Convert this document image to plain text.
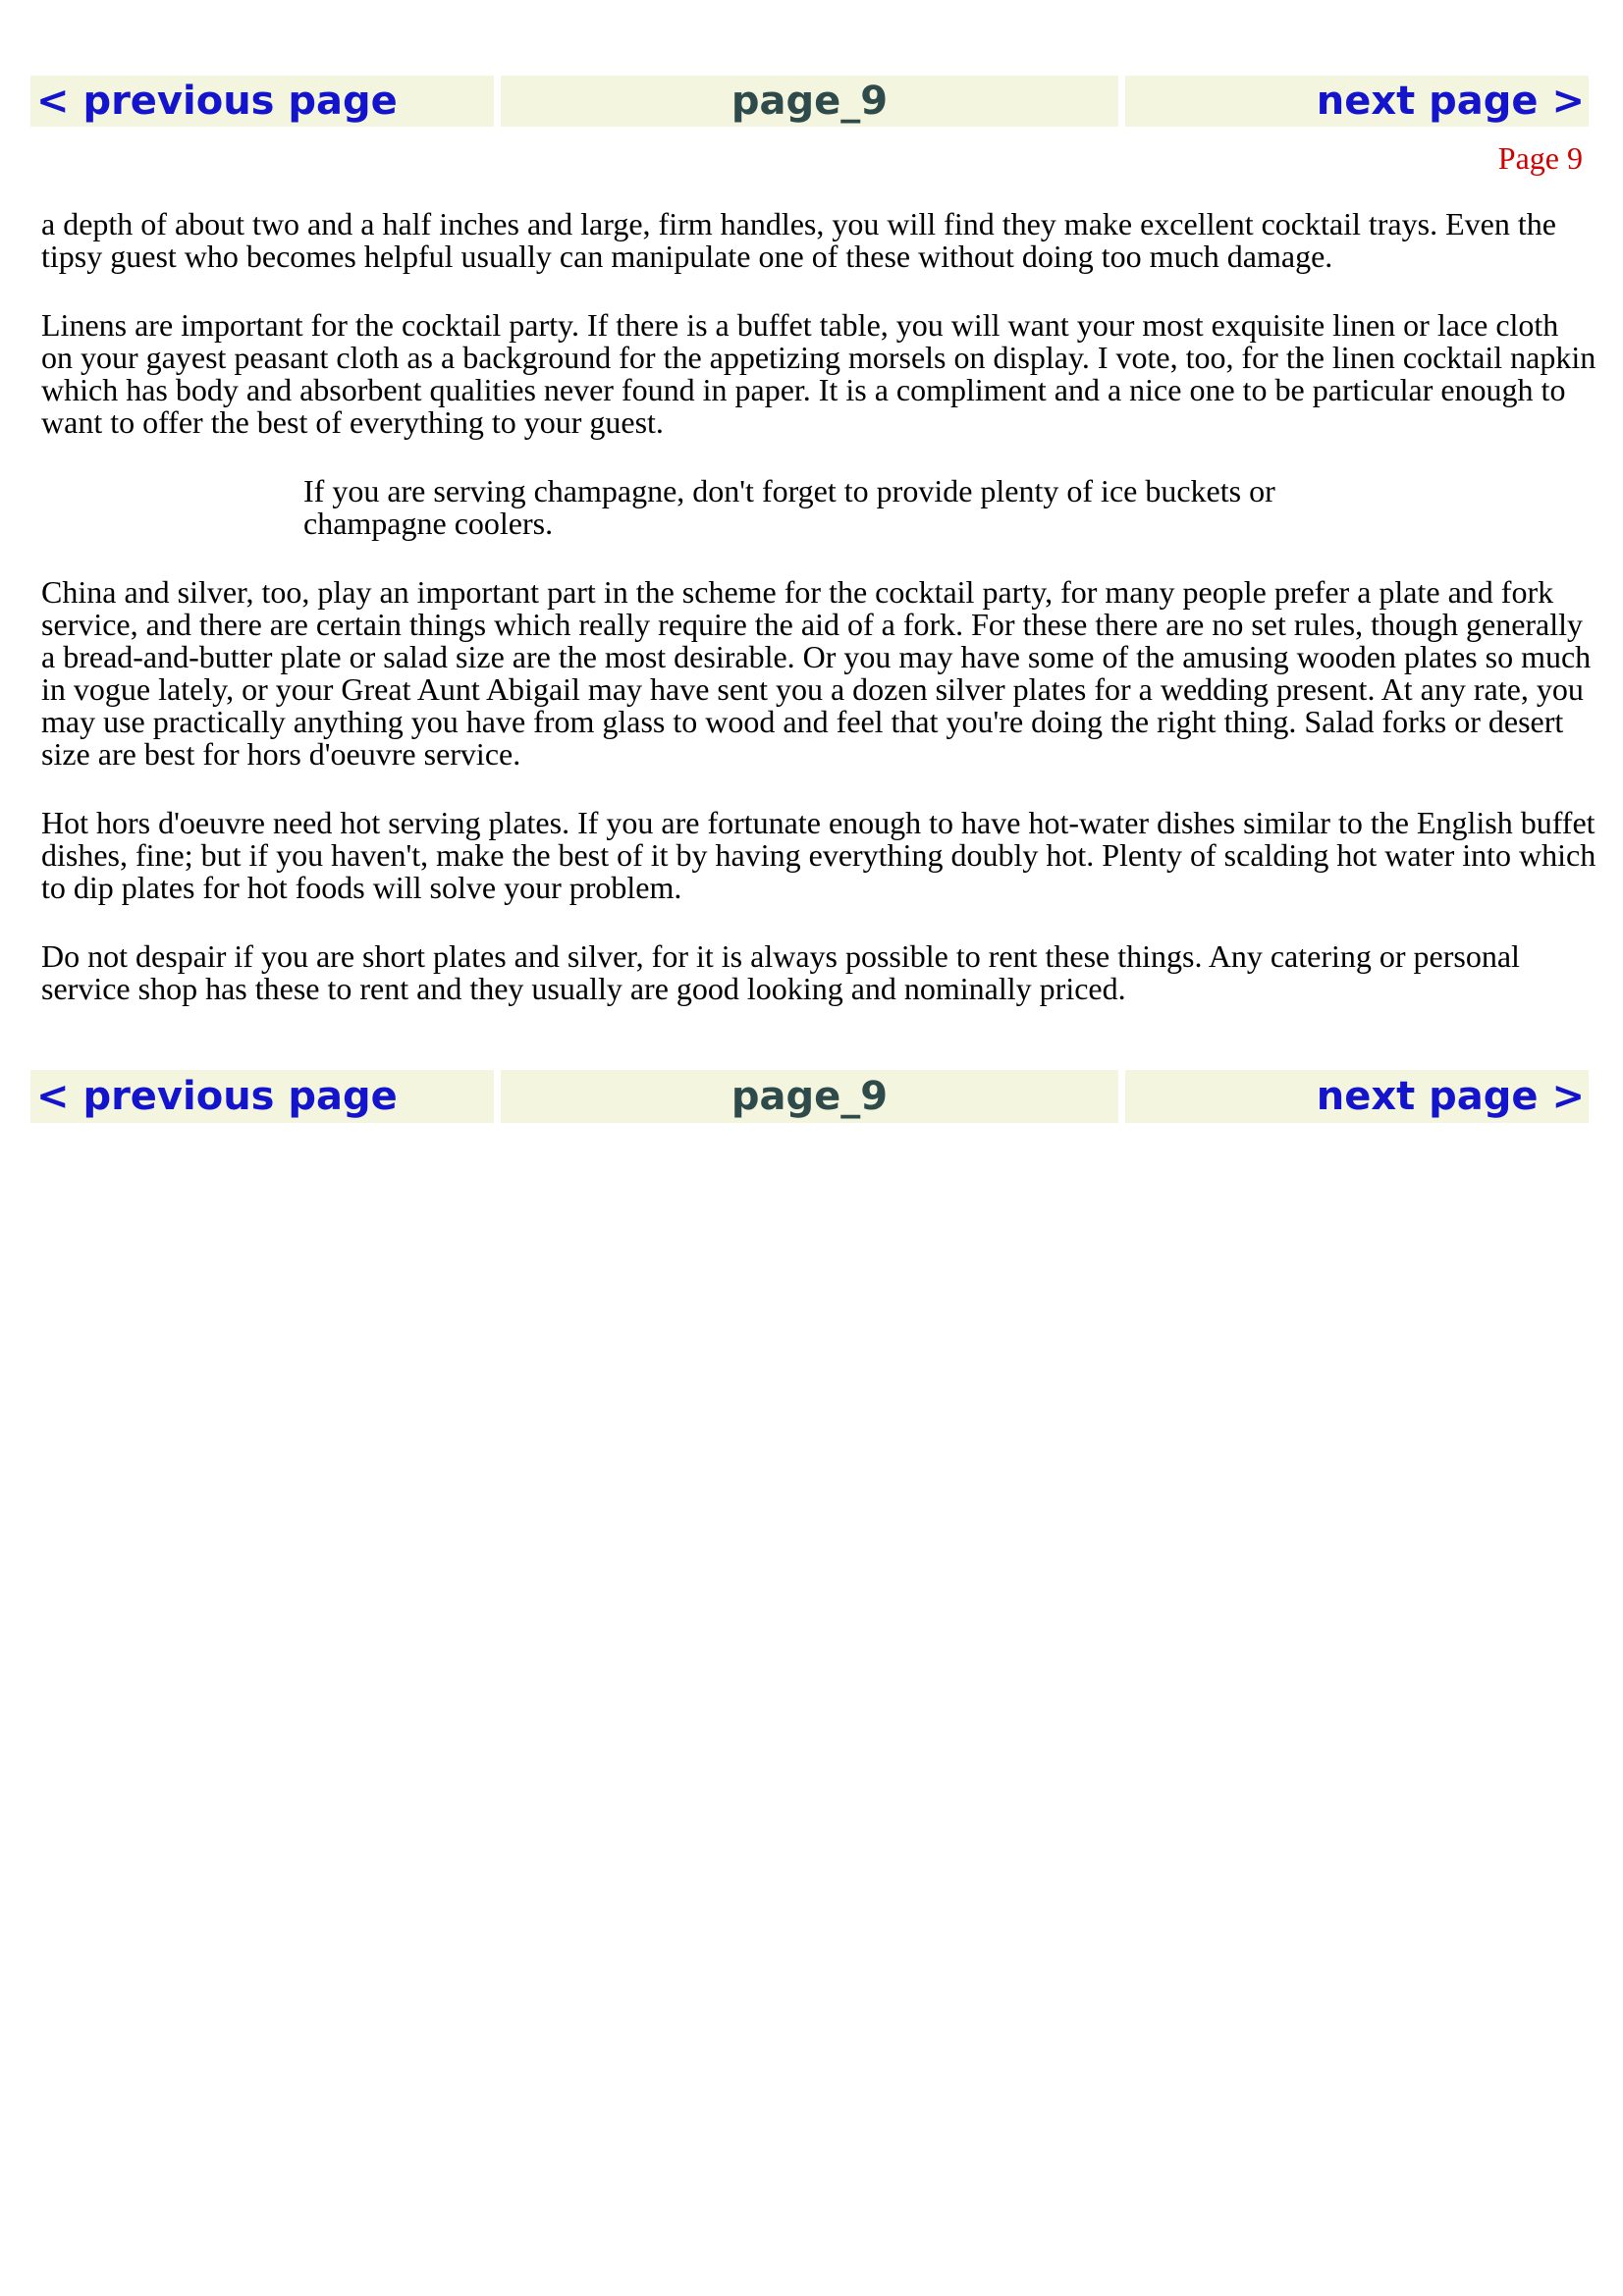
< previous page	page_9	next page >
Page 9

a depth of about two and a half inches and large, firm handles, you will find they make excellent cocktail trays. Even the tipsy guest who becomes helpful usually can manipulate one of these without doing too much damage.

Linens are important for the cocktail party. If there is a buffet table, you will want your most exquisite linen or lace cloth on your gayest peasant cloth as a background for the appetizing morsels on display. I vote, too, for the linen cocktail napkin which has body and absorbent qualities never found in paper. It is a compliment and a nice one to be particular enough to want to offer the best of everything to your guest.

If you are serving champagne, don't forget to provide plenty of ice buckets or champagne coolers.

China and silver, too, play an important part in the scheme for the cocktail party, for many people prefer a plate and fork service, and there are certain things which really require the aid of a fork. For these there are no set rules, though generally a bread-and-butter plate or salad size are the most desirable. Or you may have some of the amusing wooden plates so much in vogue lately, or your Great Aunt Abigail may have sent you a dozen silver plates for a wedding present. At any rate, you may use practically anything you have from glass to wood and feel that you're doing the right thing. Salad forks or desert size are best for hors d'oeuvre service.

Hot hors d'oeuvre need hot serving plates. If you are fortunate enough to have hot-water dishes similar to the English buffet dishes, fine; but if you haven't, make the best of it by having everything doubly hot. Plenty of scalding hot water into which to dip plates for hot foods will solve your problem.

Do not despair if you are short plates and silver, for it is always possible to rent these things. Any catering or personal service shop has these to rent and they usually are good looking and nominally priced.

< previous page	page_9	next page >
